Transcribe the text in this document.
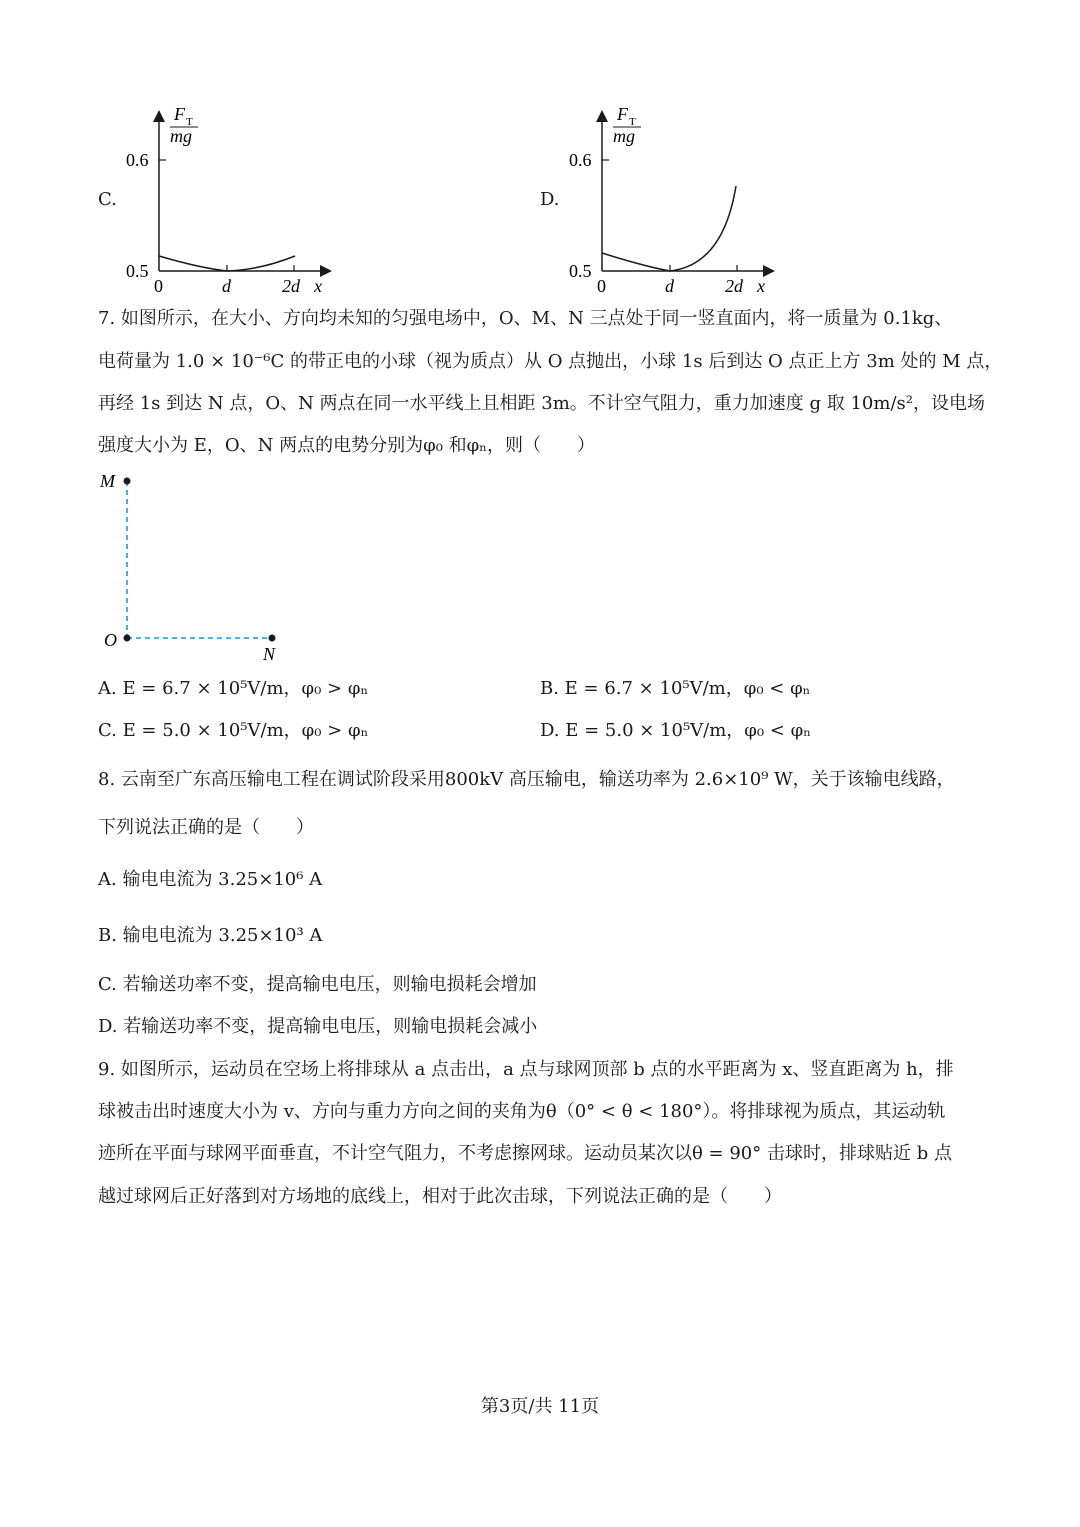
C.
F T
mg
0.6
0.5
0	d	2d x
D.
F T
mg
0.6
0.5
0	d	2d x
7. 如图所示，在大小、方向均未知的匀强电场中，O、M、N 三点处于同一竖直面内，将一质量为 0.1kg、
电荷量为 1.0 × 10⁻⁶C 的带正电的小球（视为质点）从 O 点抛出，小球 1s 后到达 O 点正上方 3m 处的 M 点，
再经 1s 到达 N 点，O、N 两点在同一水平线上且相距 3m。不计空气阻力，重力加速度 g 取 10m/s²，设电场
强度大小为 E，O、N 两点的电势分别为φ₀ 和φₙ，则（　　）
M
O
N
A. E = 6.7 × 10⁵V/m，φ₀ > φₙ	B. E = 6.7 × 10⁵V/m，φ₀ < φₙ
C. E = 5.0 × 10⁵V/m，φ₀ > φₙ	D. E = 5.0 × 10⁵V/m，φ₀ < φₙ
8. 云南至广东高压输电工程在调试阶段采用800kV 高压输电，输送功率为 2.6×10⁹ W，关于该输电线路，
下列说法正确的是（　　）
A. 输电电流为 3.25×10⁶ A
B. 输电电流为 3.25×10³ A
C. 若输送功率不变，提高输电电压，则输电损耗会增加
D. 若输送功率不变，提高输电电压，则输电损耗会减小
9. 如图所示，运动员在空场上将排球从 a 点击出，a 点与球网顶部 b 点的水平距离为 x、竖直距离为 h，排
球被击出时速度大小为 v、方向与重力方向之间的夹角为θ（0° < θ < 180°）。将排球视为质点，其运动轨
迹所在平面与球网平面垂直，不计空气阻力，不考虑擦网球。运动员某次以θ = 90° 击球时，排球贴近 b 点
越过球网后正好落到对方场地的底线上，相对于此次击球，下列说法正确的是（　　）
第3页/共 11页
